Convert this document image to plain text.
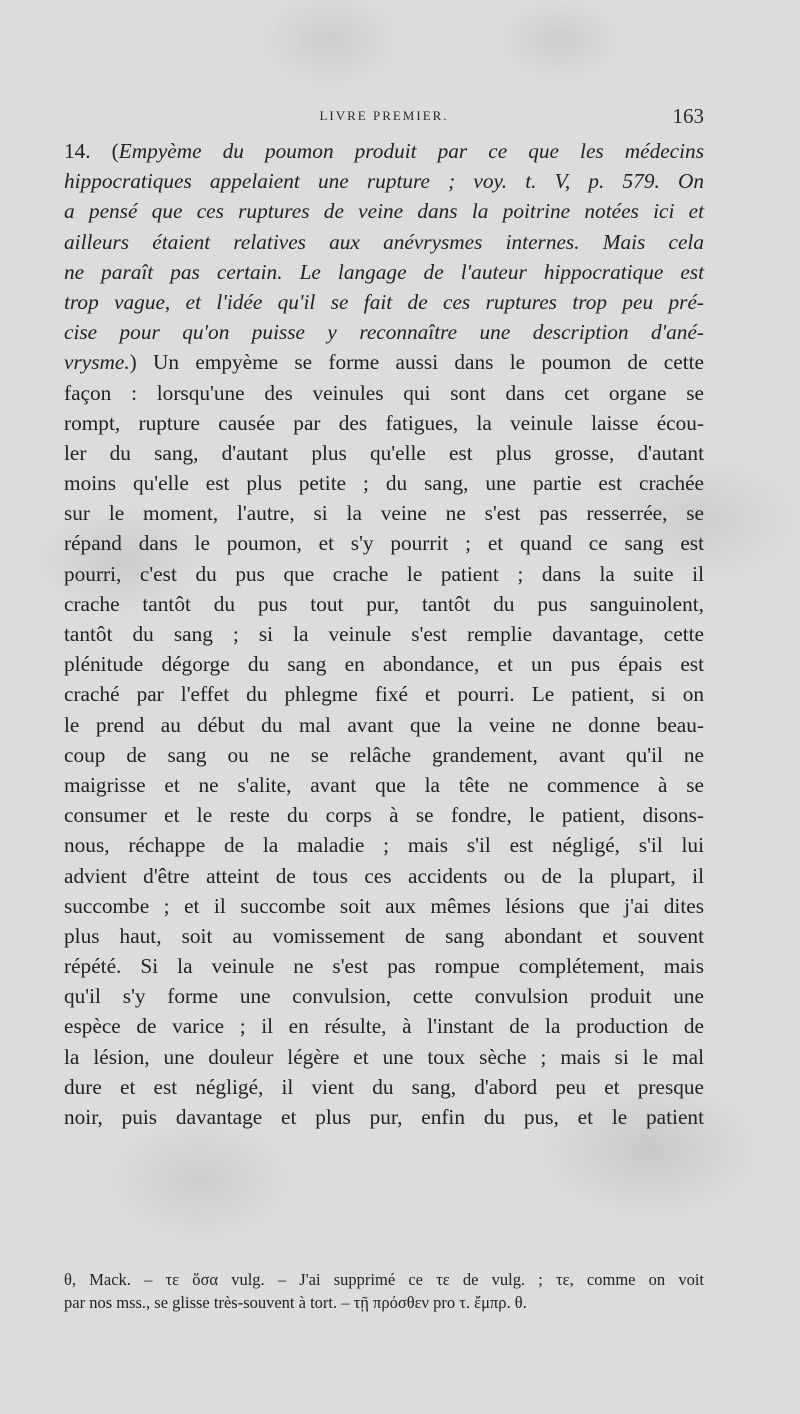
LIVRE PREMIER.	163
14. (Empyème du poumon produit par ce que les médecins
hippocratiques appelaient une rupture ; voy. t. V, p. 579. On
a pensé que ces ruptures de veine dans la poitrine notées ici et
ailleurs étaient relatives aux anévrysmes internes. Mais cela
ne paraît pas certain. Le langage de l'auteur hippocratique est
trop vague, et l'idée qu'il se fait de ces ruptures trop peu pré-
cise pour qu'on puisse y reconnaître une description d'ané-
vrysme.) Un empyème se forme aussi dans le poumon de cette
façon : lorsqu'une des veinules qui sont dans cet organe se
rompt, rupture causée par des fatigues, la veinule laisse écou-
ler du sang, d'autant plus qu'elle est plus grosse, d'autant
moins qu'elle est plus petite ; du sang, une partie est crachée
sur le moment, l'autre, si la veine ne s'est pas resserrée, se
répand dans le poumon, et s'y pourrit ; et quand ce sang est
pourri, c'est du pus que crache le patient ; dans la suite il
crache tantôt du pus tout pur, tantôt du pus sanguinolent,
tantôt du sang ; si la veinule s'est remplie davantage, cette
plénitude dégorge du sang en abondance, et un pus épais est
craché par l'effet du phlegme fixé et pourri. Le patient, si on
le prend au début du mal avant que la veine ne donne beau-
coup de sang ou ne se relâche grandement, avant qu'il ne
maigrisse et ne s'alite, avant que la tête ne commence à se
consumer et le reste du corps à se fondre, le patient, disons-
nous, réchappe de la maladie ; mais s'il est négligé, s'il lui
advient d'être atteint de tous ces accidents ou de la plupart, il
succombe ; et il succombe soit aux mêmes lésions que j'ai dites
plus haut, soit au vomissement de sang abondant et souvent
répété. Si la veinule ne s'est pas rompue complétement, mais
qu'il s'y forme une convulsion, cette convulsion produit une
espèce de varice ; il en résulte, à l'instant de la production de
la lésion, une douleur légère et une toux sèche ; mais si le mal
dure et est négligé, il vient du sang, d'abord peu et presque
noir, puis davantage et plus pur, enfin du pus, et le patient
θ, Mack. – τε ὅσα vulg. – J'ai supprimé ce τε de vulg. ; τε, comme on voit
par nos mss., se glisse très-souvent à tort. – τῇ πρόσθεν pro τ. ἔμπρ. θ.
